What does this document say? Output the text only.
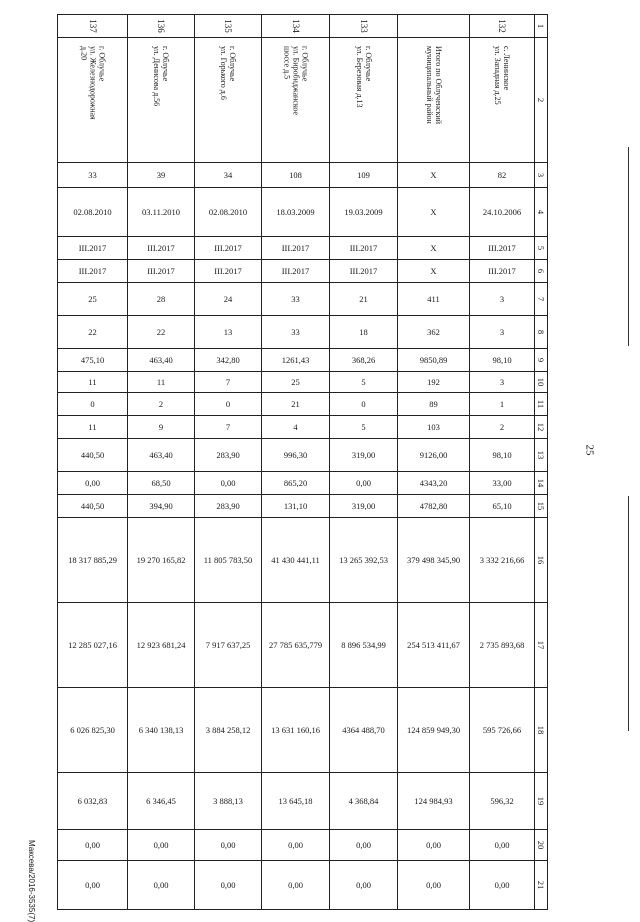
137	136	135	134	133		132	1

г. Облучье
ул. Железнодорожная
д.20	г. Облучье
ул. Денисова д.56	г. Облучье
ул. Горького д.6	г. Облучье
ул. Биробиджанское
шоссе д.5	г. Облучье
ул. Березовая д.13	Итого по Облученский
муниципальный район	с. Ленинское
ул. Западная д.25	2

33	39	34	108	109	X	82	3

02.08.2010	03.11.2010	02.08.2010	18.03.2009	19.03.2009	X	24.10.2006	4

III.2017	III.2017	III.2017	III.2017	III.2017	X	III.2017	5

III.2017	III.2017	III.2017	III.2017	III.2017	X	III.2017	6

25	28	24	33	21	411	3	7

22	22	13	33	18	362	3	8

475,10	463,40	342,80	1261,43	368,26	9850,89	98,10	9

11	11	7	25	5	192	3	10

0	2	0	21	0	89	1	11

11	9	7	4	5	103	2	12

440,50	463,40	283,90	996,30	319,00	9126,00	98,10	13

0,00	68,50	0,00	865,20	0,00	4343,20	33,00	14

440,50	394,90	283,90	131,10	319,00	4782,80	65,10	15

18 317 885,29	19 270 165,82	11 805 783,50	41 430 441,11	13 265 392,53	379 498 345,90	3 332 216,66	16

12 285 027,16	12 923 681,24	7 917 637,25	27 785 635,779	8 896 534,99	254 513 411,67	2 735 893,68	17

6 026 825,30	6 340 138,13	3 884 258,12	13 631 160,16	4364 488,70	124 859 949,30	595 726,66	18

6 032,83	6 346,45	3 888,13	13 645,18	4 368,84	124 984,93	596,32	19

0,00	0,00	0,00	0,00	0,00	0,00	0,00	20

0,00	0,00	0,00	0,00	0,00	0,00	0,00	21
25
Максева/2016-3535(7)
